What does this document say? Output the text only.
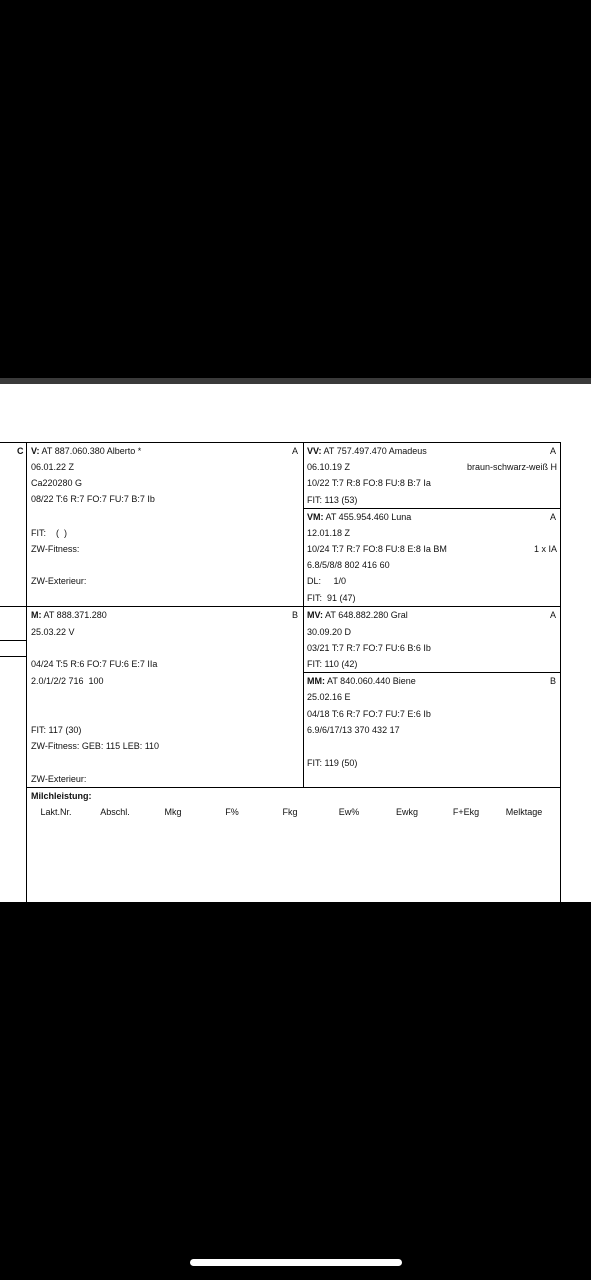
C V: AT 887.060.380 Alberto *	A
06.01.22 Z
Ca220280 G
08/22 T:6 R:7 FO:7 FU:7 B:7 Ib
FIT:    (  )
ZW-Fitness:
ZW-Exterieur:
VV: AT 757.497.470 Amadeus	A
06.10.19 Z	braun-schwarz-weiß H
10/22 T:7 R:8 FO:8 FU:8 B:7 Ia
FIT: 113 (53)
VM: AT 455.954.460 Luna	A
12.01.18 Z
10/24 T:7 R:7 FO:8 FU:8 E:8 Ia BM	1 x IA
6.8/5/8/8 802 416 60
DL:     1/0
FIT:  91 (47)
M: AT 888.371.280	B
25.03.22 V
04/24 T:5 R:6 FO:7 FU:6 E:7 IIa
2.0/1/2/2 716  100
FIT: 117 (30)
ZW-Fitness: GEB: 115 LEB: 110
ZW-Exterieur:
MV: AT 648.882.280 Gral	A
30.09.20 D
03/21 T:7 R:7 FO:7 FU:6 B:6 Ib
FIT: 110 (42)
MM: AT 840.060.440 Biene	B
25.02.16 E
04/18 T:6 R:7 FO:7 FU:7 E:6 Ib
6.9/6/17/13 370 432 17
FIT: 119 (50)
Milchleistung:
Lakt.Nr.	Abschl.	Mkg	F%	Fkg	Ew%	Ewkg	F+Ekg	Melktage
